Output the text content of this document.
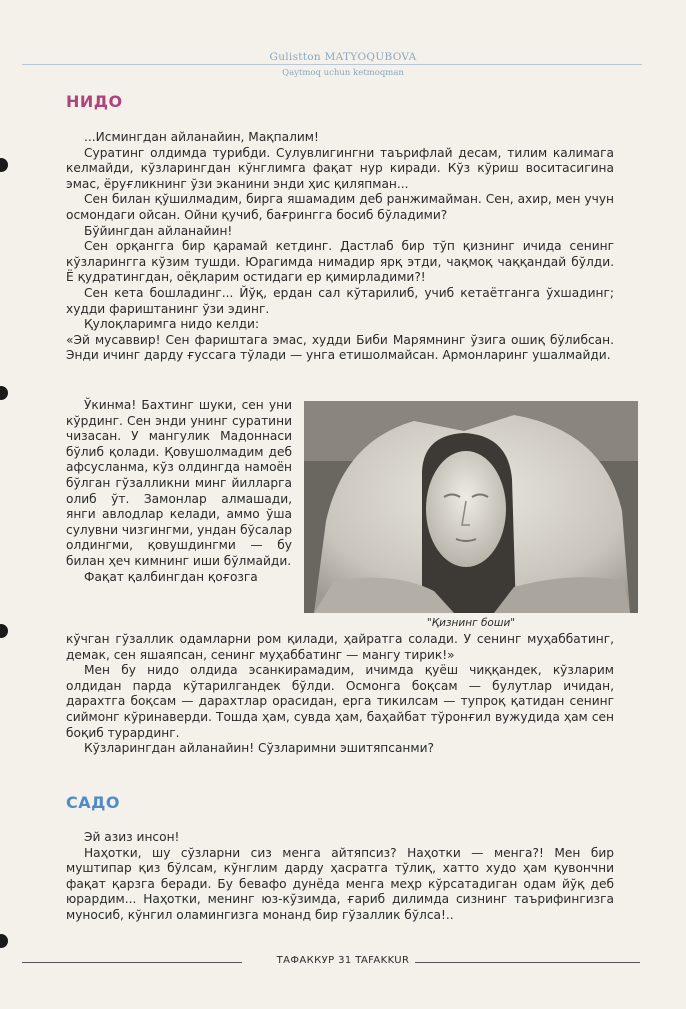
Gulistton MATYOQUBOVA
Qaytmoq uchun ketmoqman
НИДО

...Исмингдан айланайин, Мақпалим!

Суратинг олдимда турибди. Сулувлигингни таърифлай десам, тилим калимага келмайди, кўзларингдан кўнглимга фақат нур киради. Кўз кўриш воситасигина эмас, ёруғликнинг ўзи эканини энди ҳис қиляпман...

Сен билан қўшилмадим, бирга яшамадим деб ранжимайман. Сен, ахир, мен учун осмондаги ойсан. Ойни қучиб, бағрингга босиб бўладими?

Бўйингдан айланайин!

Сен орқангга бир қарамай кетдинг. Дастлаб бир тўп қизнинг ичида сенинг кўзларингга кўзим тушди. Юрагимда нимадир ярқ этди, чақмоқ чаққандай бўлди. Ё қудратингдан, оёқларим остидаги ер қимирладими?!

Сен кета бошладинг... Йўқ, ердан сал кўтарилиб, учиб кетаётганга ўхшадинг; худди фариштанинг ўзи эдинг.

Қулоқларимга нидо келди:

«Эй мусаввир! Сен фариштага эмас, худди Биби Марямнинг ўзига ошиқ бўлибсан. Энди ичинг дарду ғуссага тўлади — унга етишолмайсан. Армонларинг ушалмайди.

Ўкинма! Бахтинг шуки, сен уни кўрдинг. Сен энди унинг суратини чизасан. У мангулик Мадоннаси бўлиб қолади. Қовушолмадим деб афсусланма, кўз олдингда намоён бўлган гўзалликни минг йилларга олиб ўт. Замонлар алмашади, янги авлодлар келади, аммо ўша сулувни чизгингми, ундан бўсалар олдингми, қовушдингми — бу билан ҳеч кимнинг иши бўлмайди.

Фақат қалбингдан қоғозга

"Қизнинг боши"

кўчган гўзаллик одамларни ром қилади, ҳайратга солади. У сенинг муҳаббатинг, демак, сен яшаяпсан, сенинг муҳаббатинг — мангу тирик!»

Мен бу нидо олдида эсанкирамадим, ичимда қуёш чиққандек, кўзларим олдидан парда кўтарилгандек бўлди. Осмонга боқсам — булутлар ичидан, дарахтга боқсам — дарахтлар орасидан, ерга тикилсам — тупроқ қатидан сенинг сиймонг кўринаверди. Тошда ҳам, сувда ҳам, баҳайбат тўронғил вужудида ҳам сен боқиб турардинг.

Кўзларингдан айланайин! Сўзларимни эшитяпсанми?

САДО

Эй азиз инсон!

Наҳотки, шу сўзларни сиз менга айтяпсиз? Наҳотки — менга?! Мен бир муштипар қиз бўлсам, кўнглим дарду ҳасратга тўлиқ, хатто худо ҳам қувончни фақат қарзга беради. Бу бевафо дунёда менга меҳр кўрсатадиган одам йўқ деб юрардим... Наҳотки, менинг юз-кўзимда, ғариб дилимда сизнинг таърифингизга муносиб, кўнгил оламингизга монанд бир гўзаллик бўлса!..

ТАФАККУР 31 TAFAKKUR
